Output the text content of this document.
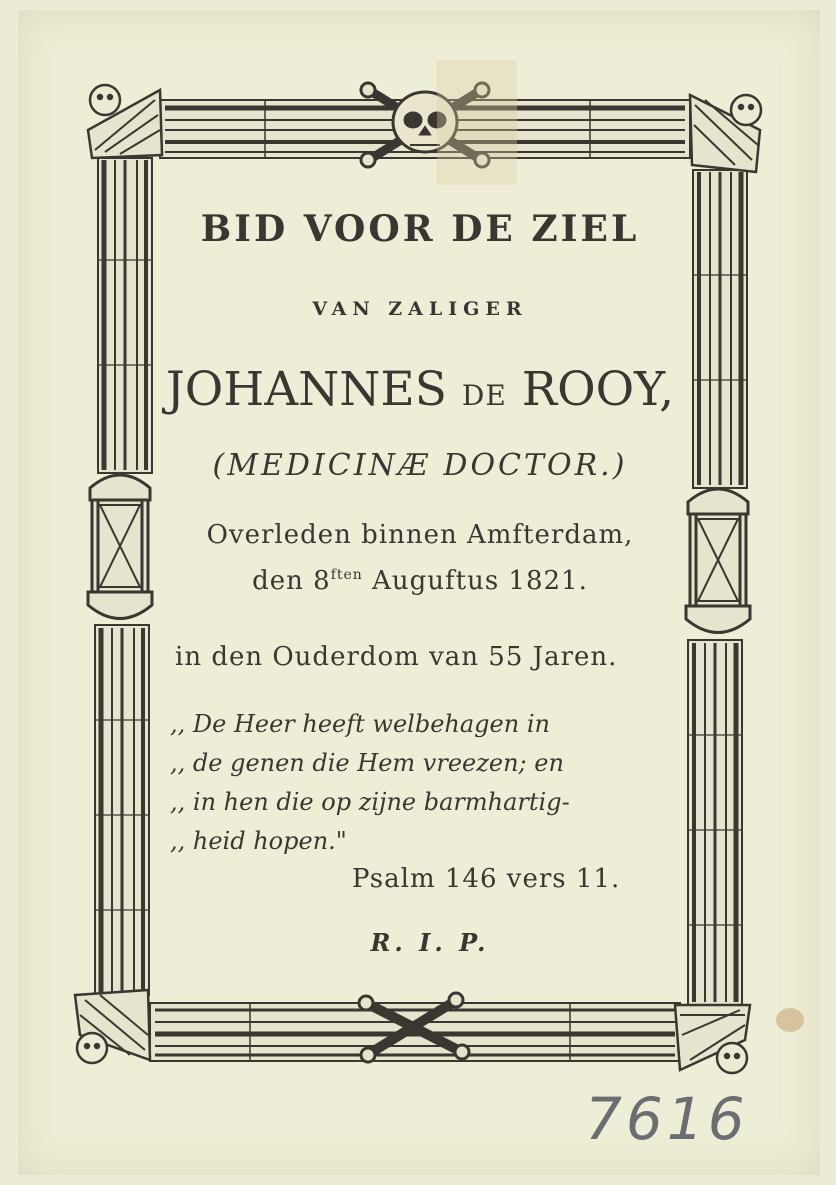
BID VOOR DE ZIEL
VAN ZALIGER
JOHANNES DE ROOY,
(MEDICINÆ DOCTOR.)
Overleden binnen Amfterdam,
den $8^{ften}$ Auguftus 1821.
in den Ouderdom van 55 Jaren.
,, De Heer heeft welbehagen in
,, de genen die Hem vreezen; en
,, in hen die op zijne barmhartig-
,, heid hopen."
Psalm 146 vers 11.
R. I. P.
7616
